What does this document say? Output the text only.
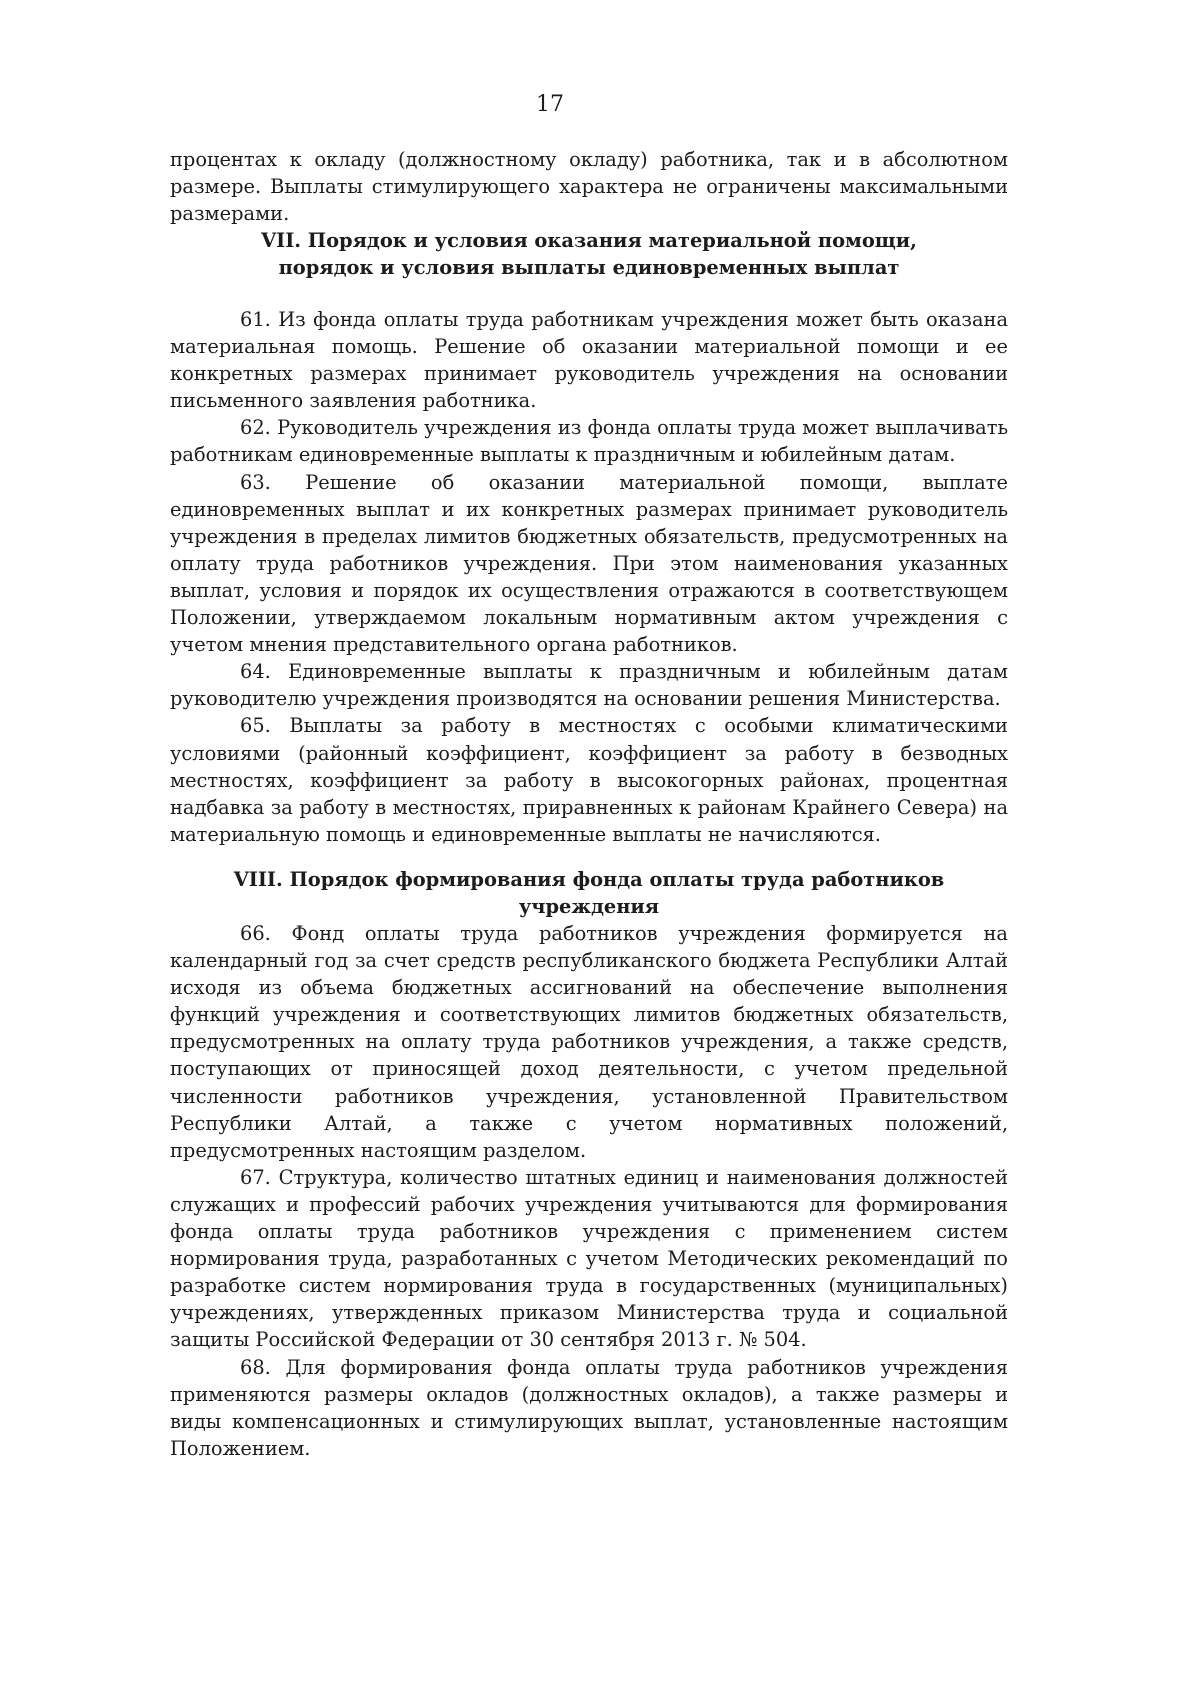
17

процентах к окладу (должностному окладу) работника, так и в абсолютном размере. Выплаты стимулирующего характера не ограничены максимальными размерами.

VII. Порядок и условия оказания материальной помощи,
порядок и условия выплаты единовременных выплат

61. Из фонда оплаты труда работникам учреждения может быть оказана материальная помощь. Решение об оказании материальной помощи и ее конкретных размерах принимает руководитель учреждения на основании письменного заявления работника.

62. Руководитель учреждения из фонда оплаты труда может выплачивать работникам единовременные выплаты к праздничным и юбилейным датам.

63. Решение об оказании материальной помощи, выплате единовременных выплат и их конкретных размерах принимает руководитель учреждения в пределах лимитов бюджетных обязательств, предусмотренных на оплату труда работников учреждения. При этом наименования указанных выплат, условия и порядок их осуществления отражаются в соответствующем Положении, утверждаемом локальным нормативным актом учреждения с учетом мнения представительного органа работников.

64. Единовременные выплаты к праздничным и юбилейным датам руководителю учреждения производятся на основании решения Министерства.

65. Выплаты за работу в местностях с особыми климатическими условиями (районный коэффициент, коэффициент за работу в безводных местностях, коэффициент за работу в высокогорных районах, процентная надбавка за работу в местностях, приравненных к районам Крайнего Севера) на материальную помощь и единовременные выплаты не начисляются.

VIII. Порядок формирования фонда оплаты труда работников учреждения

66. Фонд оплаты труда работников учреждения формируется на календарный год за счет средств республиканского бюджета Республики Алтай исходя из объема бюджетных ассигнований на обеспечение выполнения функций учреждения и соответствующих лимитов бюджетных обязательств, предусмотренных на оплату труда работников учреждения, а также средств, поступающих от приносящей доход деятельности, с учетом предельной численности работников учреждения, установленной Правительством Республики Алтай, а также с учетом нормативных положений, предусмотренных настоящим разделом.

67. Структура, количество штатных единиц и наименования должностей служащих и профессий рабочих учреждения учитываются для формирования фонда оплаты труда работников учреждения с применением систем нормирования труда, разработанных с учетом Методических рекомендаций по разработке систем нормирования труда в государственных (муниципальных) учреждениях, утвержденных приказом Министерства труда и социальной защиты Российской Федерации от 30 сентября 2013 г. № 504.

68. Для формирования фонда оплаты труда работников учреждения применяются размеры окладов (должностных окладов), а также размеры и виды компенсационных и стимулирующих выплат, установленные настоящим Положением.
